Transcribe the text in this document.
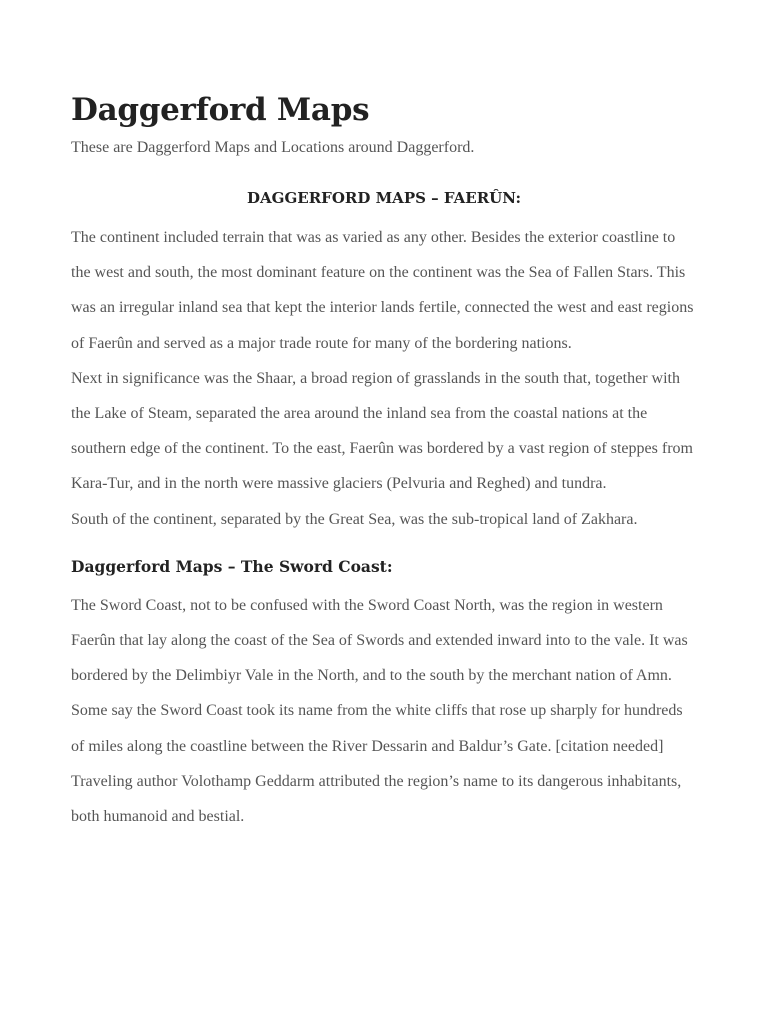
Daggerford Maps

These are Daggerford Maps and Locations around Daggerford.

DAGGERFORD MAPS – FAERÛN:

The continent included terrain that was as varied as any other. Besides the exterior coastline to the west and south, the most dominant feature on the continent was the Sea of Fallen Stars. This was an irregular inland sea that kept the interior lands fertile, connected the west and east regions of Faerûn and served as a major trade route for many of the bordering nations.

Next in significance was the Shaar, a broad region of grasslands in the south that, together with the Lake of Steam, separated the area around the inland sea from the coastal nations at the southern edge of the continent. To the east, Faerûn was bordered by a vast region of steppes from Kara-Tur, and in the north were massive glaciers (Pelvuria and Reghed) and tundra.

South of the continent, separated by the Great Sea, was the sub-tropical land of Zakhara.

Daggerford Maps – The Sword Coast:

The Sword Coast, not to be confused with the Sword Coast North, was the region in western Faerûn that lay along the coast of the Sea of Swords and extended inward into to the vale. It was bordered by the Delimbiyr Vale in the North, and to the south by the merchant nation of Amn.

Some say the Sword Coast took its name from the white cliffs that rose up sharply for hundreds of miles along the coastline between the River Dessarin and Baldur’s Gate. [citation needed] Traveling author Volothamp Geddarm attributed the region’s name to its dangerous inhabitants, both humanoid and bestial.
